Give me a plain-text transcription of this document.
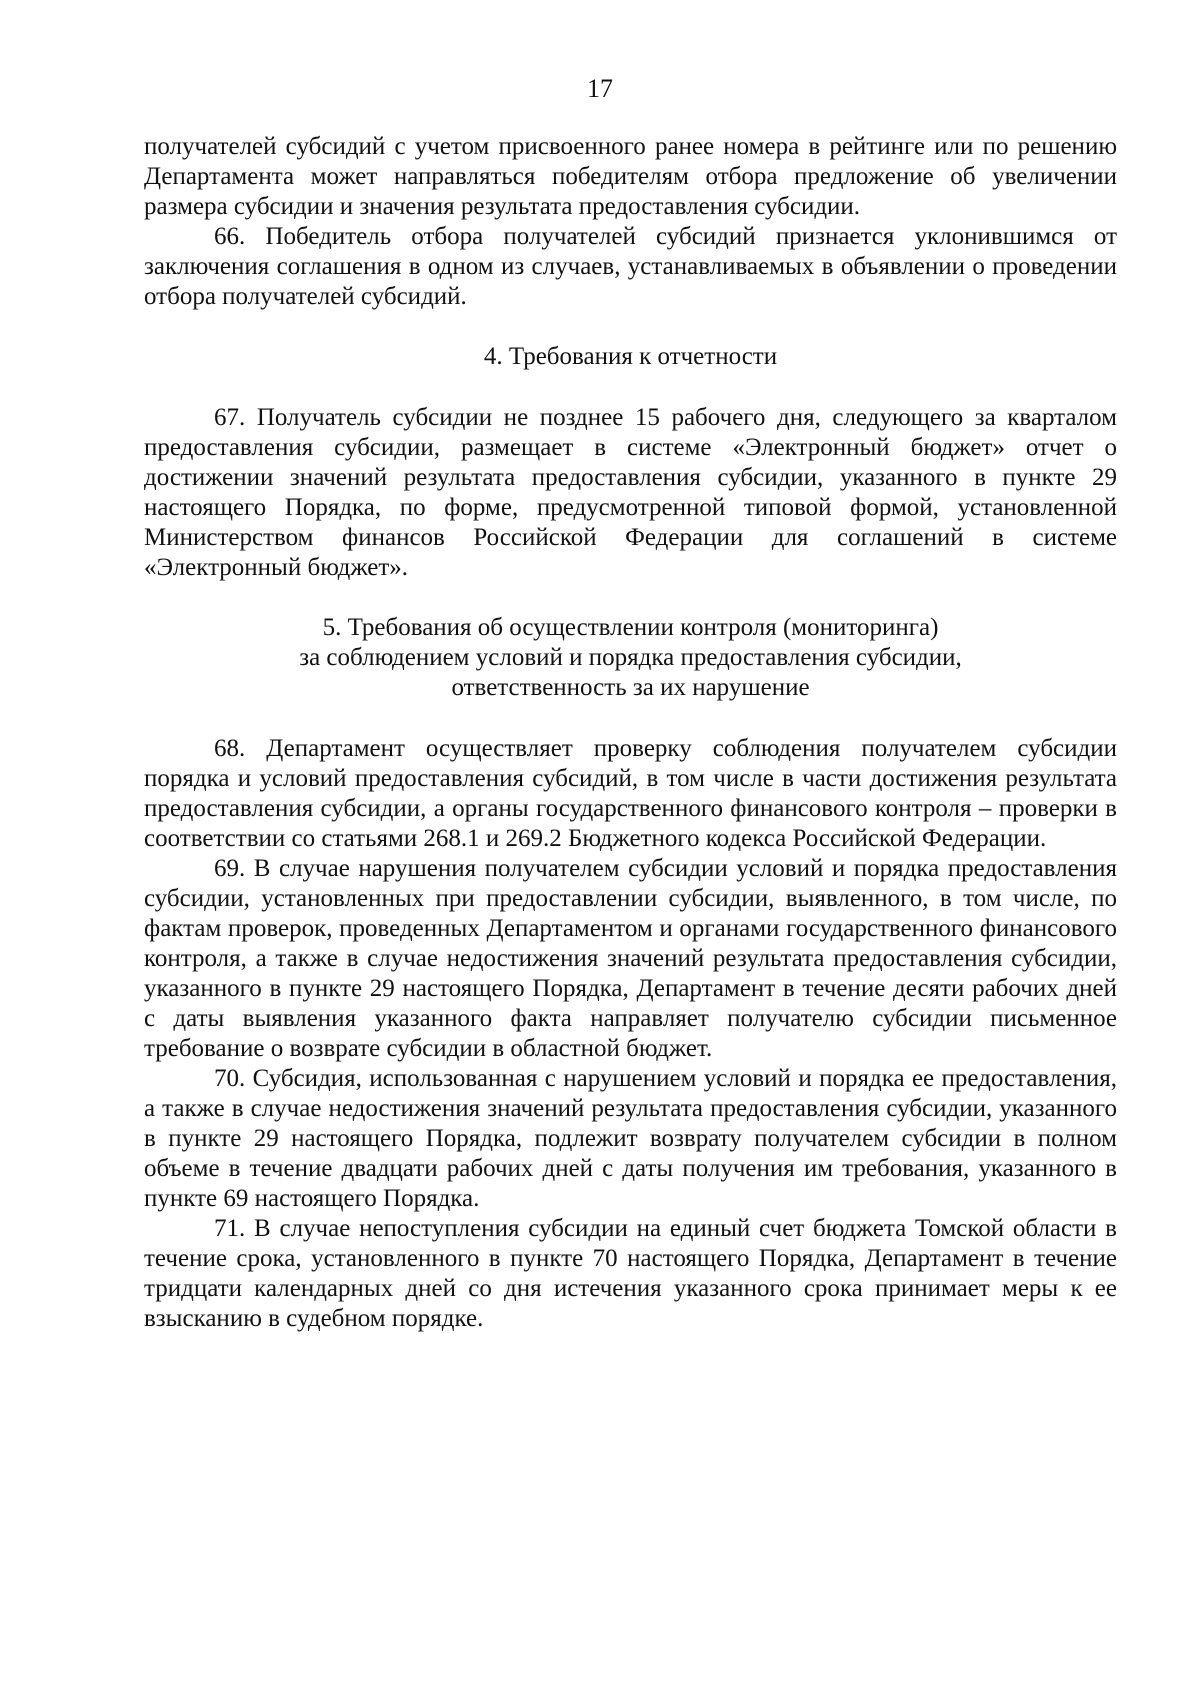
17

получателей субсидий с учетом присвоенного ранее номера в рейтинге или по решению Департамента может направляться победителям отбора предложение об увеличении размера субсидии и значения результата предоставления субсидии.

66. Победитель отбора получателей субсидий признается уклонившимся от заключения соглашения в одном из случаев, устанавливаемых в объявлении о проведении отбора получателей субсидий.

4. Требования к отчетности

67. Получатель субсидии не позднее 15 рабочего дня, следующего за кварталом предоставления субсидии, размещает в системе «Электронный бюджет» отчет о достижении значений результата предоставления субсидии, указанного в пункте 29 настоящего Порядка, по форме, предусмотренной типовой формой, установленной Министерством финансов Российской Федерации для соглашений в системе «Электронный бюджет».

5. Требования об осуществлении контроля (мониторинга)
за соблюдением условий и порядка предоставления субсидии,
ответственность за их нарушение

68. Департамент осуществляет проверку соблюдения получателем субсидии порядка и условий предоставления субсидий, в том числе в части достижения результата предоставления субсидии, а органы государственного финансового контроля – проверки в соответствии со статьями 268.1 и 269.2 Бюджетного кодекса Российской Федерации.

69. В случае нарушения получателем субсидии условий и порядка предоставления субсидии, установленных при предоставлении субсидии, выявленного, в том числе, по фактам проверок, проведенных Департаментом и органами государственного финансового контроля, а также в случае недостижения значений результата предоставления субсидии, указанного в пункте 29 настоящего Порядка, Департамент в течение десяти рабочих дней с даты выявления указанного факта направляет получателю субсидии письменное требование о возврате субсидии в областной бюджет.

70. Субсидия, использованная с нарушением условий и порядка ее предоставления, а также в случае недостижения значений результата предоставления субсидии, указанного в пункте 29 настоящего Порядка, подлежит возврату получателем субсидии в полном объеме в течение двадцати рабочих дней с даты получения им требования, указанного в пункте 69 настоящего Порядка.

71. В случае непоступления субсидии на единый счет бюджета Томской области в течение срока, установленного в пункте 70 настоящего Порядка, Департамент в течение тридцати календарных дней со дня истечения указанного срока принимает меры к ее взысканию в судебном порядке.
